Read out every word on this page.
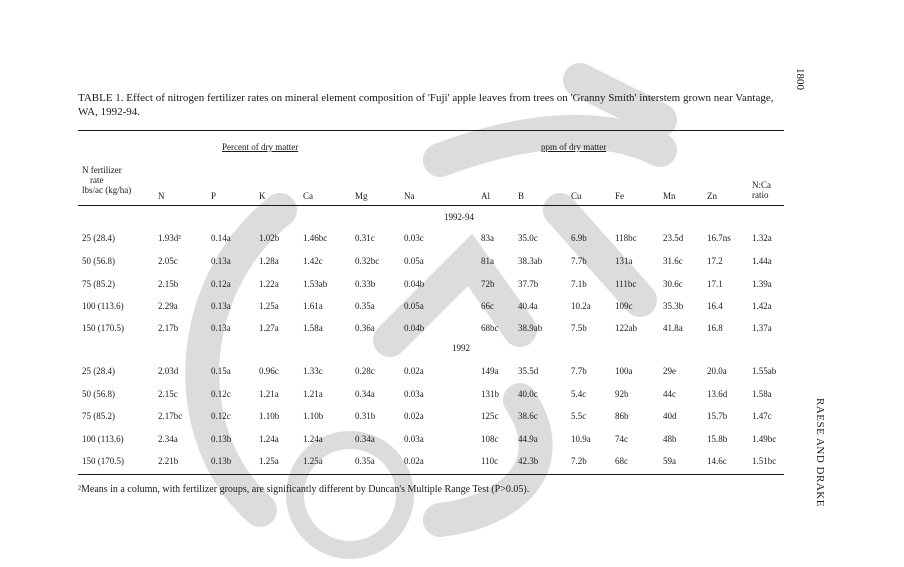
1800
RAESE AND DRAKE
TABLE 1. Effect of nitrogen fertilizer rates on mineral element composition of 'Fuji' apple leaves from trees on 'Granny Smith' interstem grown near Vantage, WA, 1992-94.
Percent of dry matter	ppm of dry matter
N fertilizer
rate
lbs/ac (kg/ha)
N	P	K	Ca	Mg	Na	Al	B	Cu	Fe	Mn	Zn
N:Ca
ratio
1992-94
25 (28.4)	1.93d²	0.14a	1.02b	1.46bc	0.31c	0.03c	83a	35.0c	6.9b	118bc	23.5d	16.7ns 1.32a
50 (56.8)	2.05c	0.13a	1.28a	1.42c	0.32bc	0.05a	81a	38.3ab	7.7b	131a	31.6c	17.2	1.44a
75 (85.2)	2.15b	0.12a	1.22a	1.53ab	0.33b	0.04b	72b	37.7b	7.1b	111bc	30.6c	17.1	1.39a
100 (113.6)	2.29a	0.13a	1.25a	1.61a	0.35a	0.05a	66c	40.4a	10.2a	109c	35.3b	16.4	1.42a
150 (170.5)	2.17b	0.13a	1.27a	1.58a	0.36a	0.04b	68bc 38.9ab	7.5b	122ab	41.8a	16.8	1.37a
1992
25 (28.4)	2.03d	0.15a	0.96c	1.33c	0.28c	0.02a	149a 35.5d	7.7b	100a	29e	20.0a	1.55ab
50 (56.8)	2.15c	0.12c	1.21a	1.21a	0.34a	0.03a	131b 40.0c	5.4c	92b	44c	13.6d	1.58a
75 (85.2)	2.17bc	0.12c	1.10b	1.10b	0.31b	0.02a	125c 38.6c	5.5c	86b	40d	15.7b	1.47c
100 (113.6)	2.34a	0.13b	1.24a	1.24a	0.34a	0.03a	108c 44.9a	10.9a	74c	48b	15.8b	1.49bc
150 (170.5)	2.21b	0.13b	1.25a	1.25a	0.35a	0.02a	110c 42.3b	7.2b	68c	59a	14.6c	1.51bc
²Means in a column, with fertilizer groups, are significantly different by Duncan's Multiple Range Test (P>0.05).
